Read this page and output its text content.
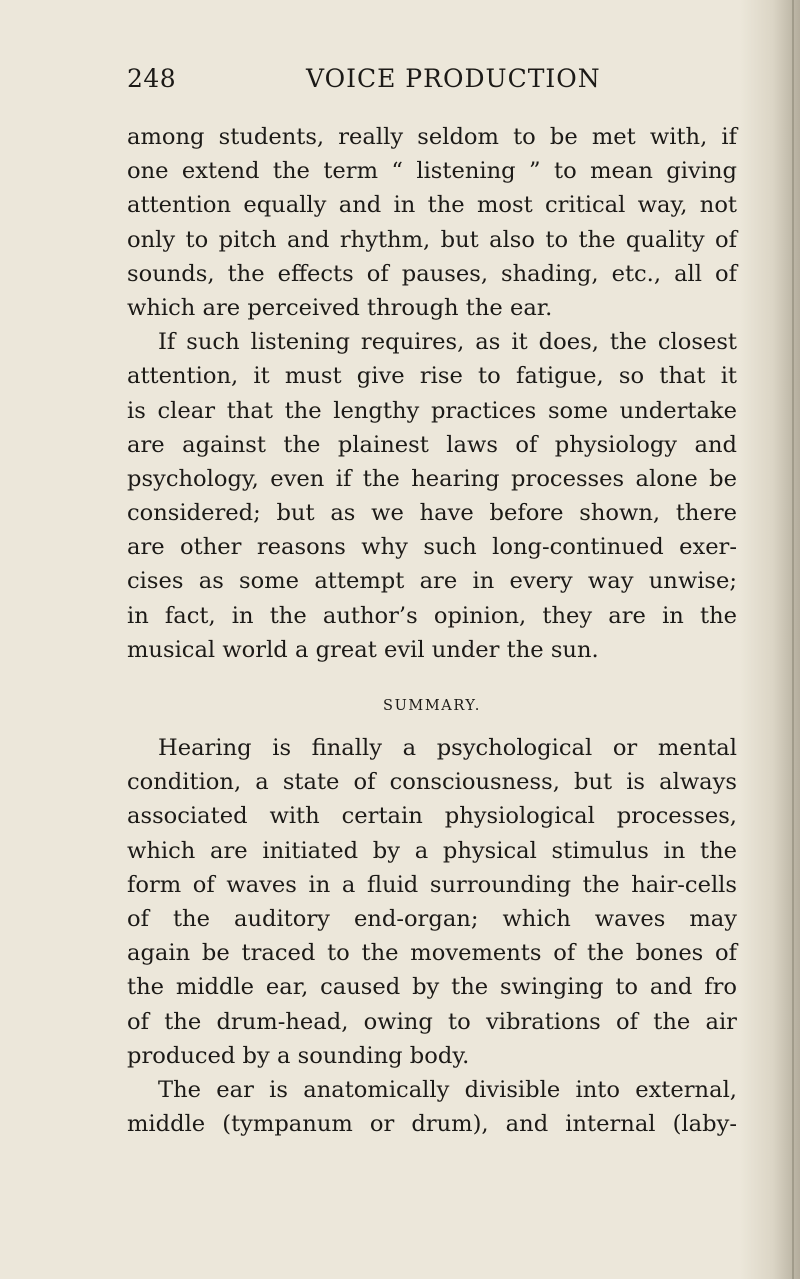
248	VOICE PRODUCTION
among students, really seldom to be met with, if
one extend the term “ listening ” to mean giving
attention equally and in the most critical way, not
only to pitch and rhythm, but also to the quality of
sounds, the effects of pauses, shading, etc., all of
which are perceived through the ear.
If such listening requires, as it does, the closest
attention, it must give rise to fatigue, so that it
is clear that the lengthy practices some undertake
are against the plainest laws of physiology and
psychology, even if the hearing processes alone be
considered; but as we have before shown, there
are other reasons why such long-continued exer-
cises as some attempt are in every way unwise;
in fact, in the author’s opinion, they are in the
musical world a great evil under the sun.
SUMMARY.
Hearing is finally a psychological or mental
condition, a state of consciousness, but is always
associated with certain physiological processes,
which are initiated by a physical stimulus in the
form of waves in a fluid surrounding the hair-cells
of the auditory end-organ; which waves may
again be traced to the movements of the bones of
the middle ear, caused by the swinging to and fro
of the drum-head, owing to vibrations of the air
produced by a sounding body.
The ear is anatomically divisible into external,
middle (tympanum or drum), and internal (laby-
